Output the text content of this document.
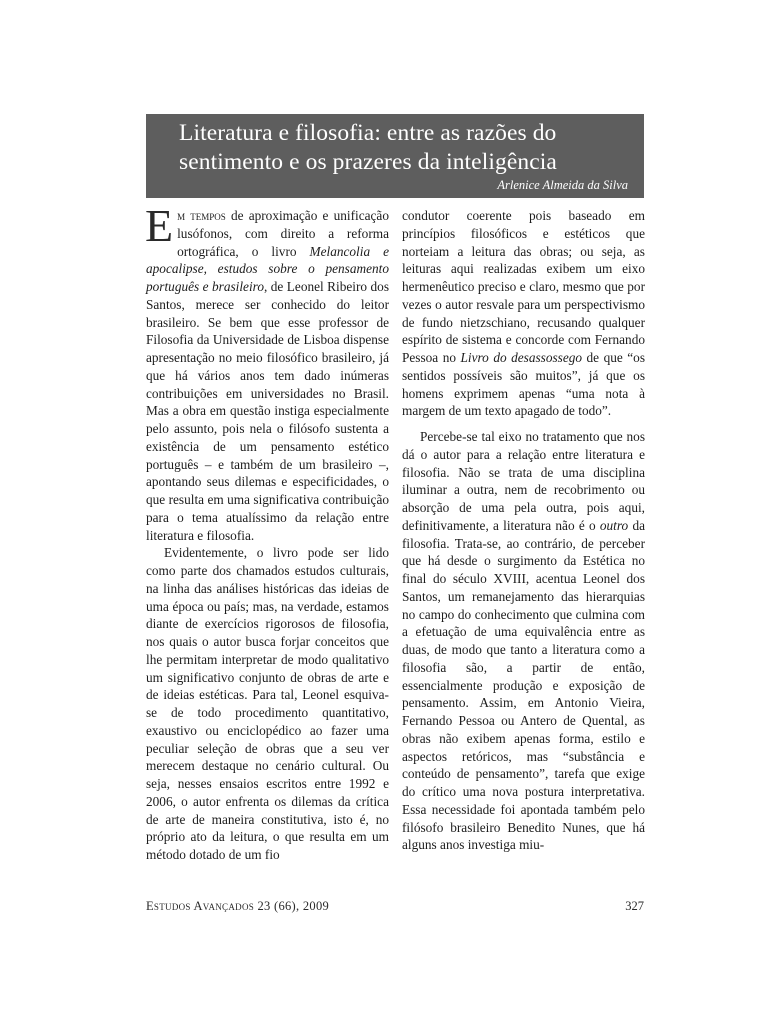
Literatura e filosofia: entre as razões do
sentimento e os prazeres da inteligência
Arlenice Almeida da Silva

Em tempos de aproximação e unificação lusófonos, com direito a reforma ortográfica, o livro Melancolia e apocalipse, estudos sobre o pensamento português e brasileiro, de Leonel Ribeiro dos Santos, merece ser conhecido do leitor brasileiro. Se bem que esse professor de Filosofia da Universidade de Lisboa dispense apresentação no meio filosófico brasileiro, já que há vários anos tem dado inúmeras contribuições em universidades no Brasil. Mas a obra em questão instiga especialmente pelo assunto, pois nela o filósofo sustenta a existência de um pensamento estético português – e também de um brasileiro –, apontando seus dilemas e especificidades, o que resulta em uma significativa contribuição para o tema atualíssimo da relação entre literatura e filosofia.

Evidentemente, o livro pode ser lido como parte dos chamados estudos culturais, na linha das análises históricas das ideias de uma época ou país; mas, na verdade, estamos diante de exercícios rigorosos de filosofia, nos quais o autor busca forjar conceitos que lhe permitam interpretar de modo qualitativo um significativo conjunto de obras de arte e de ideias estéticas. Para tal, Leonel esquiva-se de todo procedimento quantitativo, exaustivo ou enciclopédico ao fazer uma peculiar seleção de obras que a seu ver merecem destaque no cenário cultural. Ou seja, nesses ensaios escritos entre 1992 e 2006, o autor enfrenta os dilemas da crítica de arte de maneira constitutiva, isto é, no próprio ato da leitura, o que resulta em um método dotado de um fio

condutor coerente pois baseado em princípios filosóficos e estéticos que norteiam a leitura das obras; ou seja, as leituras aqui realizadas exibem um eixo hermenêutico preciso e claro, mesmo que por vezes o autor resvale para um perspectivismo de fundo nietzschiano, recusando qualquer espírito de sistema e concorde com Fernando Pessoa no Livro do desassossego de que “os sentidos possíveis são muitos”, já que os homens exprimem apenas “uma nota à margem de um texto apagado de todo”.

Percebe-se tal eixo no tratamento que nos dá o autor para a relação entre literatura e filosofia. Não se trata de uma disciplina iluminar a outra, nem de recobrimento ou absorção de uma pela outra, pois aqui, definitivamente, a literatura não é o outro da filosofia. Trata-se, ao contrário, de perceber que há desde o surgimento da Estética no final do século XVIII, acentua Leonel dos Santos, um remanejamento das hierarquias no campo do conhecimento que culmina com a efetuação de uma equivalência entre as duas, de modo que tanto a literatura como a filosofia são, a partir de então, essencialmente produção e exposição de pensamento. Assim, em Antonio Vieira, Fernando Pessoa ou Antero de Quental, as obras não exibem apenas forma, estilo e aspectos retóricos, mas “substância e conteúdo de pensamento”, tarefa que exige do crítico uma nova postura interpretativa. Essa necessidade foi apontada também pelo filósofo brasileiro Benedito Nunes, que há alguns anos investiga miu-

Estudos Avançados 23 (66), 2009	327
